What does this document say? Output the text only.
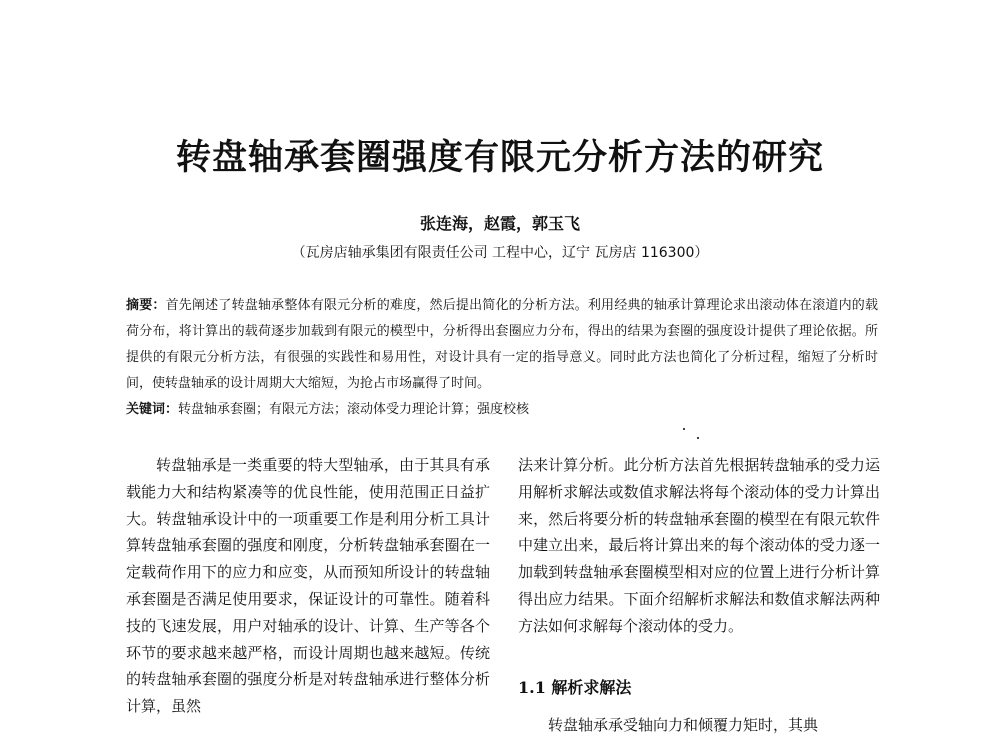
转盘轴承套圈强度有限元分析方法的研究
张连海，赵霞，郭玉飞
（瓦房店轴承集团有限责任公司 工程中心，辽宁 瓦房店 116300）
摘要：首先阐述了转盘轴承整体有限元分析的难度，然后提出简化的分析方法。利用经典的轴承计算理论求出滚动体在滚道内的载荷分布，将计算出的载荷逐步加载到有限元的模型中，分析得出套圈应力分布，得出的结果为套圈的强度设计提供了理论依据。所提供的有限元分析方法，有很强的实践性和易用性，对设计具有一定的指导意义。同时此方法也简化了分析过程，缩短了分析时间，使转盘轴承的设计周期大大缩短，为抢占市场赢得了时间。
关键词：转盘轴承套圈；有限元方法；滚动体受力理论计算；强度校核
转盘轴承是一类重要的特大型轴承，由于其具有承载能力大和结构紧凑等的优良性能，使用范围正日益扩大。转盘轴承设计中的一项重要工作是利用分析工具计算转盘轴承套圈的强度和刚度，分析转盘轴承套圈在一定载荷作用下的应力和应变，从而预知所设计的转盘轴承套圈是否满足使用要求，保证设计的可靠性。随着科技的飞速发展，用户对轴承的设计、计算、生产等各个环节的要求越来越严格，而设计周期也越来越短。传统的转盘轴承套圈的强度分析是对转盘轴承进行整体分析计算，虽然
法来计算分析。此分析方法首先根据转盘轴承的受力运用解析求解法或数值求解法将每个滚动体的受力计算出来，然后将要分析的转盘轴承套圈的模型在有限元软件中建立出来，最后将计算出来的每个滚动体的受力逐一加载到转盘轴承套圈模型相对应的位置上进行分析计算得出应力结果。下面介绍解析求解法和数值求解法两种方法如何求解每个滚动体的受力。
1.1 解析求解法
转盘轴承承受轴向力和倾覆力矩时，其典
